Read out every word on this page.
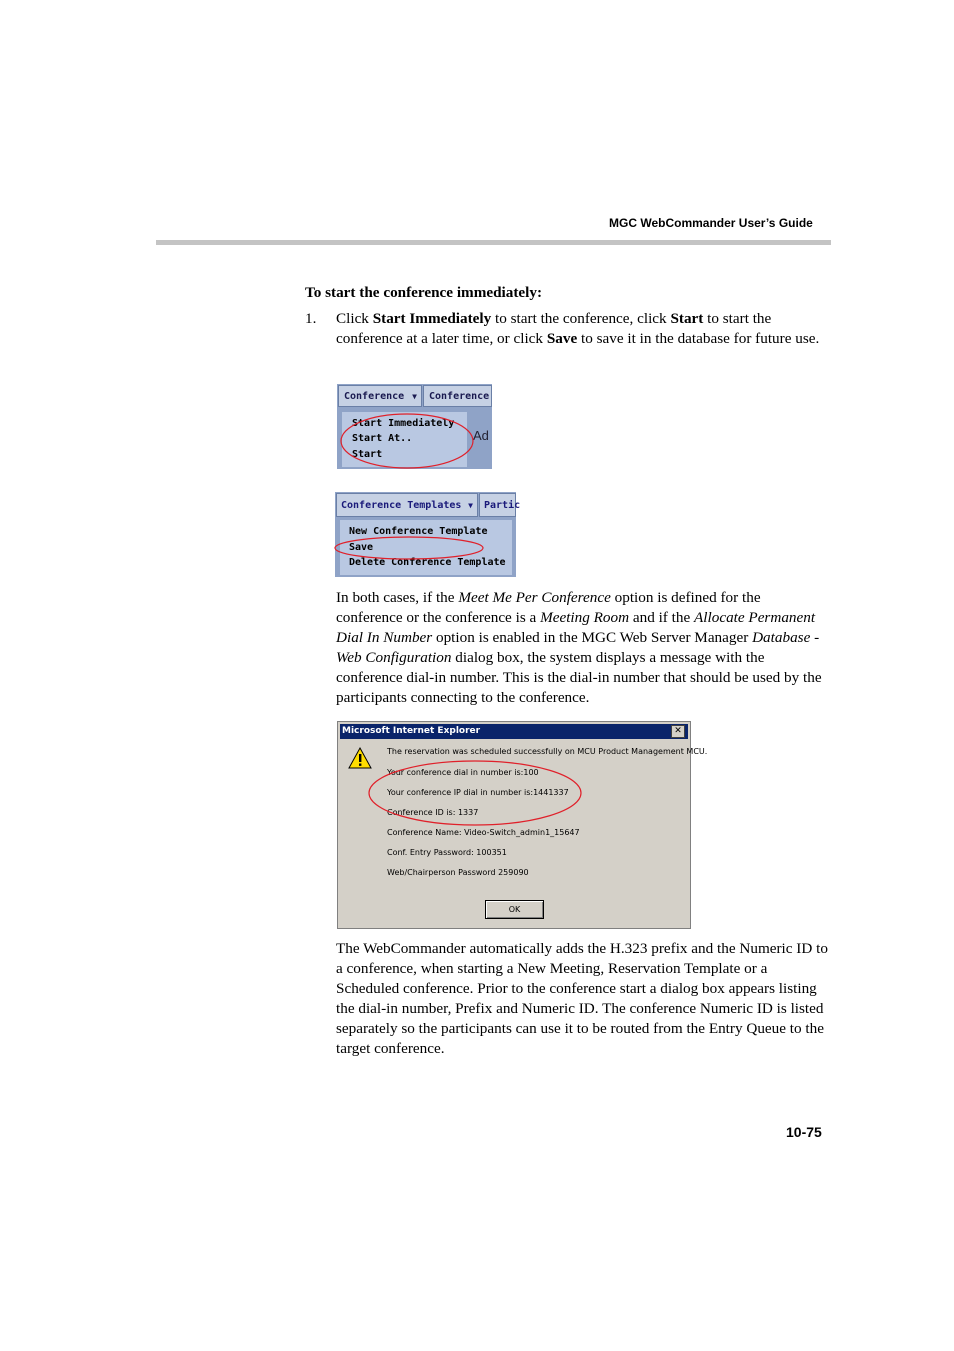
MGC WebCommander User’s Guide
To start the conference immediately:
1. Click Start Immediately to start the conference, click Start to start the conference at a later time, or click Save to save it in the database for future use.
Conference ▼	Conference
Start Immediately
Start At..
Start
Ad
Conference Templates ▼	Partic
New Conference Template
Save
Delete Conference Template
In both cases, if the Meet Me Per Conference option is defined for the conference or the conference is a Meeting Room and if the Allocate Permanent Dial In Number option is enabled in the MGC Web Server Manager Database - Web Configuration dialog box, the system displays a message with the conference dial-in number. This is the dial-in number that should be used by the participants connecting to the conference.
Microsoft Internet Explorer	✕
The reservation was scheduled successfully on MCU Product Management MCU.
Your conference dial in number is:100
Your conference IP dial in number is:1441337
Conference ID is: 1337
Conference Name: Video-Switch_admin1_15647
Conf. Entry Password: 100351
Web/Chairperson Password 259090
OK
The WebCommander automatically adds the H.323 prefix and the Numeric ID to a conference, when starting a New Meeting, Reservation Template or a Scheduled conference. Prior to the conference start a dialog box appears listing the dial-in number, Prefix and Numeric ID. The conference Numeric ID is listed separately so the participants can use it to be routed from the Entry Queue to the target conference.
10-75
